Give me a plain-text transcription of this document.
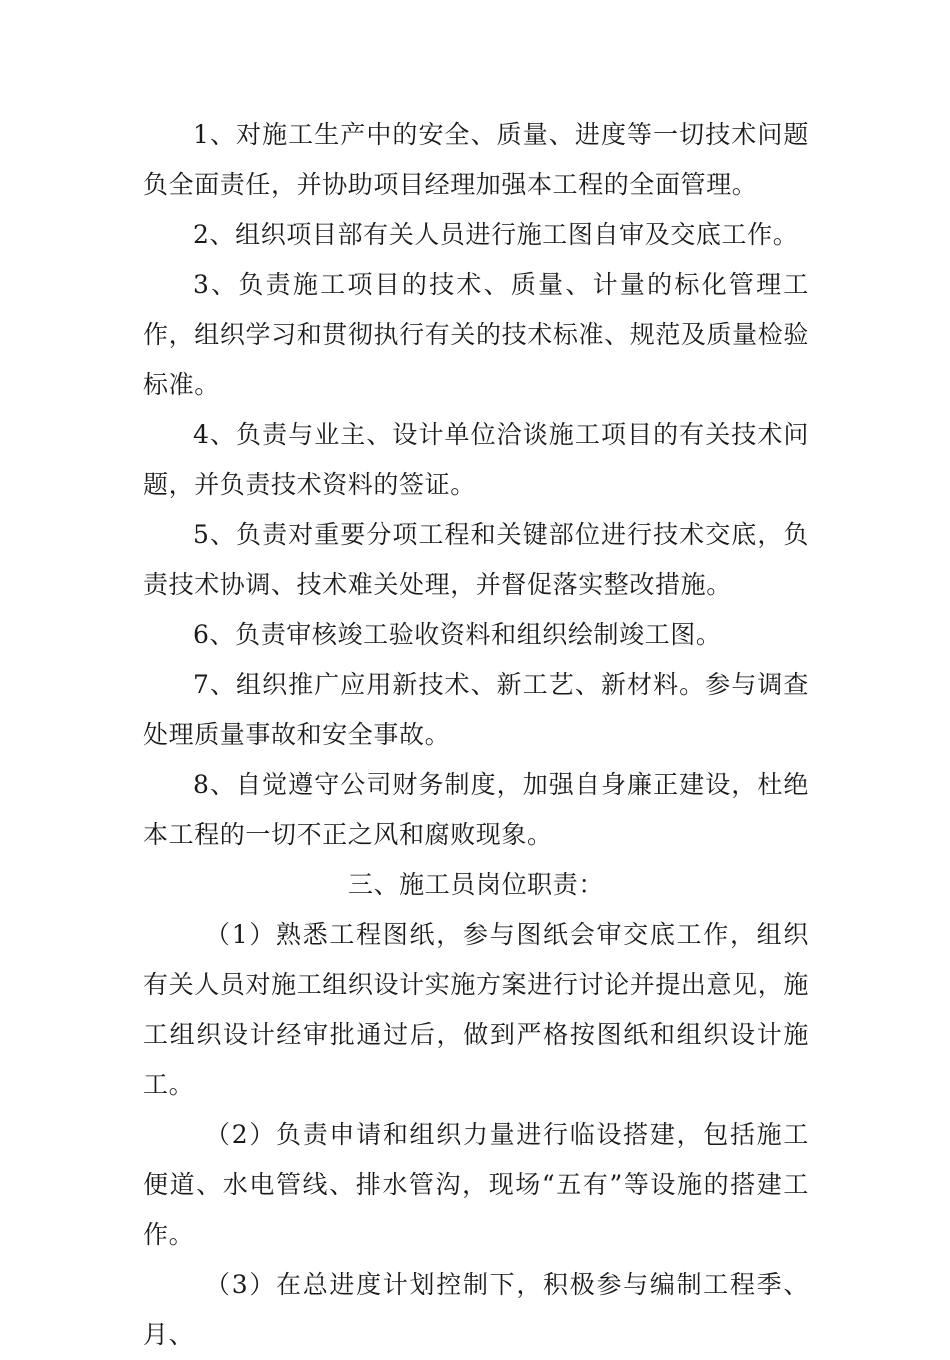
1、对施工生产中的安全、质量、进度等一切技术问题负全面责任，并协助项目经理加强本工程的全面管理。

2、组织项目部有关人员进行施工图自审及交底工作。

3、负责施工项目的技术、质量、计量的标化管理工作，组织学习和贯彻执行有关的技术标准、规范及质量检验标准。

4、负责与业主、设计单位洽谈施工项目的有关技术问题，并负责技术资料的签证。

5、负责对重要分项工程和关键部位进行技术交底，负责技术协调、技术难关处理，并督促落实整改措施。

6、负责审核竣工验收资料和组织绘制竣工图。

7、组织推广应用新技术、新工艺、新材料。参与调查处理质量事故和安全事故。

8、自觉遵守公司财务制度，加强自身廉正建设，杜绝本工程的一切不正之风和腐败现象。

三、施工员岗位职责：

（1）熟悉工程图纸，参与图纸会审交底工作，组织有关人员对施工组织设计实施方案进行讨论并提出意见，施工组织设计经审批通过后，做到严格按图纸和组织设计施工。

（2）负责申请和组织力量进行临设搭建，包括施工便道、水电管线、排水管沟，现场“五有”等设施的搭建工作。

（3）在总进度计划控制下，积极参与编制工程季、月、
